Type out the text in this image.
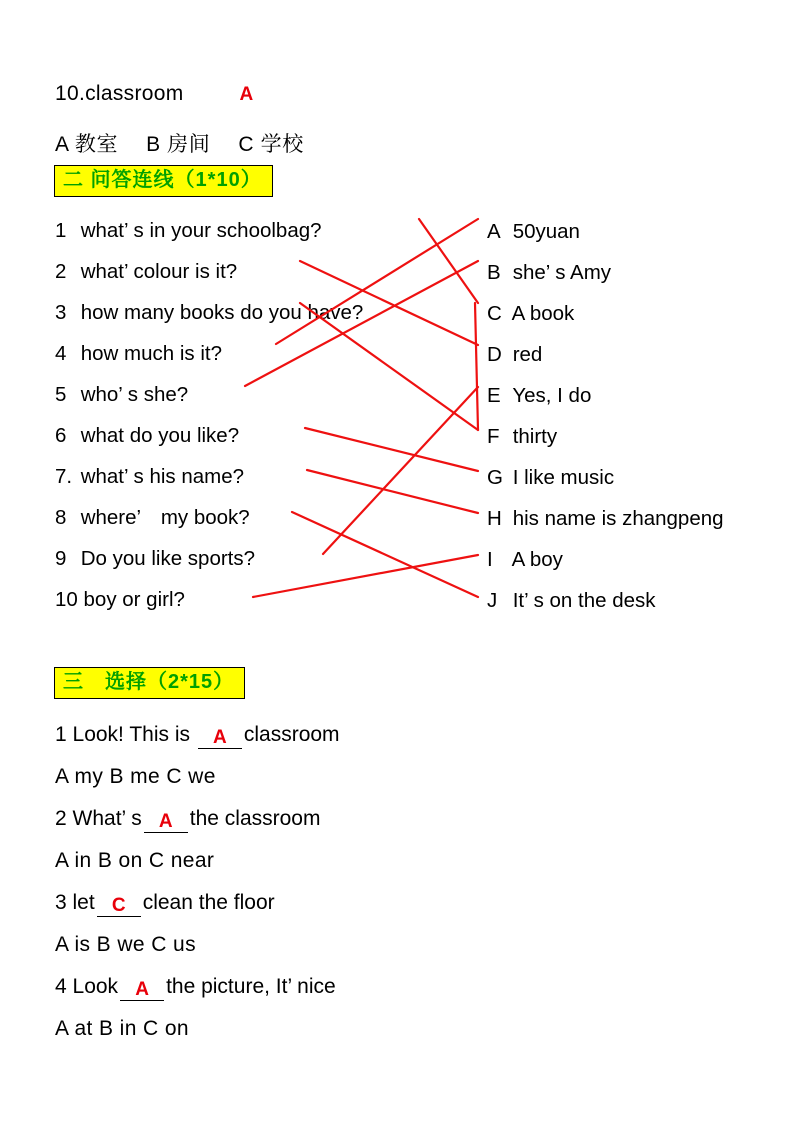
10.classroom	A
A 教室　 B 房间　 C 学校
二 问答连线（1*10）
1 what’ s in your schoolbag?
2 what’ colour is it?
3 how many books do you have?
4 how much is it?
5 who’ s she?
6 what do you like?
7. what’ s his name?
8 where’　my book?
9 Do you like sports?
10 boy or girl?
A 50yuan
B she’ s Amy
C A book
D red
E Yes, I do
F thirty
G I like music
H his name is zhangpeng
I A boy
J It’ s on the desk
三　选择（2*15）
1 Look! This is A classroom
A my B me C we
2 What’ s A the classroom
A in B on C near
3 let C clean the floor
A is B we C us
4 Look A the picture, It’ nice
A at B in C on
